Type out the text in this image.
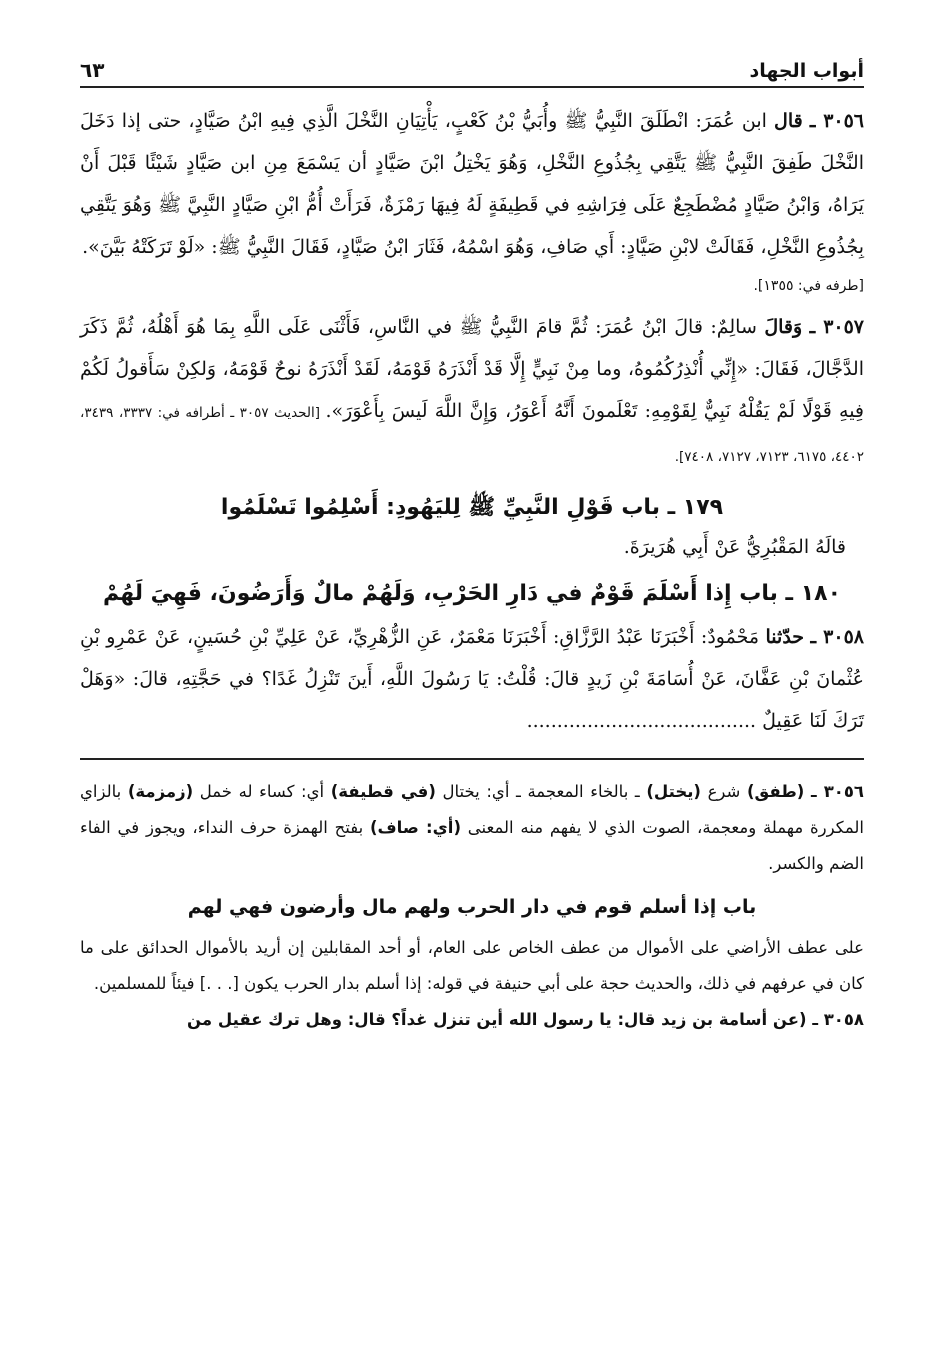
أبواب الجهاد
٦٣

٣٠٥٦ ـ قال ابن عُمَرَ: انْطَلَقَ النَّبِيُّ ﷺ وأُبَيُّ بْنُ كَعْبٍ، يَأْتِيَانِ النَّخْلَ الَّذِي فِيهِ ابْنُ صَيَّادٍ، حتى إذا دَخَلَ النَّخْلَ طَفِقَ النَّبِيُّ ﷺ يَتَّقِي بِجُذُوعِ النَّخْلِ، وَهُوَ يَخْتِلُ ابْنَ صَيَّادٍ أن يَسْمَعَ مِنِ ابن صَيَّادٍ شَيْئًا قَبْلَ أَنْ يَرَاهُ، وَابْنُ صَيَّادٍ مُضْطَجِعٌ عَلَى فِرَاشِهِ في قَطِيفَةٍ لَهُ فِيهَا رَمْزَةٌ، فَرَأَتْ أُمُّ ابْنِ صَيَّادٍ النَّبِيَّ ﷺ وَهُوَ يَتَّقِي بِجُذُوعِ النَّخْلِ، فَقَالَتْ لابْنِ صَيَّادٍ: أَي صَافِ، وَهُوَ اسْمُهُ، فَثَارَ ابْنُ صَيَّادٍ، فَقَالَ النَّبِيُّ ﷺ: «لَوْ تَرَكَتْهُ بَيَّنَ».

[طرفه في: ١٣٥٥].

٣٠٥٧ ـ وَقالَ سالِمٌ: قالَ ابْنُ عُمَرَ: ثُمَّ قامَ النَّبِيُّ ﷺ في النَّاسِ، فَأَثْنَى عَلَى اللَّهِ بِمَا هُوَ أَهْلُهُ، ثُمَّ ذَكَرَ الدَّجَّالَ، فَقَالَ: «إِنِّي أُنْذِرُكُمُوهُ، وما مِنْ نَبِيٍّ إِلَّا قَدْ أَنْذَرَهُ قَوْمَهُ، لَقَدْ أَنْذَرَهُ نوحٌ قَوْمَهُ، وَلكِنْ سَأَقولُ لَكُمْ فِيهِ قَوْلًا لَمْ يَقُلْهُ نَبِيٌّ لِقَوْمِهِ: تَعْلَمونَ أَنَّهُ أَعْوَرُ، وَإِنَّ اللَّهَ لَيسَ بِأَعْوَرَ». [الحديث ٣٠٥٧ ـ أطرافه في: ٣٣٣٧، ٣٤٣٩، ٤٤٠٢، ٦١٧٥، ٧١٢٣، ٧١٢٧، ٧٤٠٨].

١٧٩ ـ باب قَوْلِ النَّبِيِّ ﷺ لِليَهُودِ: أَسْلِمُوا تَسْلَمُوا

قالَهُ المَقْبُرِيُّ عَنْ أَبِي هُرَيرَةَ.

١٨٠ ـ باب إِذا أَسْلَمَ قَوْمٌ في دَارِ الحَرْبِ، وَلَهُمْ مالٌ وَأَرَضُونَ، فَهِيَ لَهُمْ

٣٠٥٨ ـ حدّثنا مَحْمُودٌ: أَخْبَرَنَا عَبْدُ الرَّزَّاقِ: أَخْبَرَنَا مَعْمَرٌ، عَنِ الزُّهْرِيِّ، عَنْ عَلِيِّ بْنِ حُسَينٍ، عَنْ عَمْرِو بْنِ عُثْمانَ بْنِ عَفَّانَ، عَنْ أُسَامَةَ بْنِ زَيدٍ قالَ: قُلْتُ: يَا رَسُولَ اللَّهِ، أَينَ تَنْزِلُ غَدًا؟ في حَجَّتِهِ، قالَ: «وَهَلْ تَرَكَ لَنَا عَقِيلٌ ......................................

٣٠٥٦ ـ (طفق) شرع (يختل) ـ بالخاء المعجمة ـ أي: يختال (في قطيفة) أي: كساء له خمل (زمزمة) بالزاي المكررة مهملة ومعجمة، الصوت الذي لا يفهم منه المعنى (أي: صاف) بفتح الهمزة حرف النداء، ويجوز في الفاء الضم والكسر.

باب إذا أسلم قوم في دار الحرب ولهم مال وأرضون فهي لهم

على عطف الأراضي على الأموال من عطف الخاص على العام، أو أحد المقابلين إن أريد بالأموال الحدائق على ما كان في عرفهم في ذلك، والحديث حجة على أبي حنيفة في قوله: إذا أسلم بدار الحرب يكون [. . .] فيئاً للمسلمين.

٣٠٥٨ ـ (عن أسامة بن زيد قال: يا رسول الله أين تنزل غداً؟ قال: وهل ترك عقيل من
